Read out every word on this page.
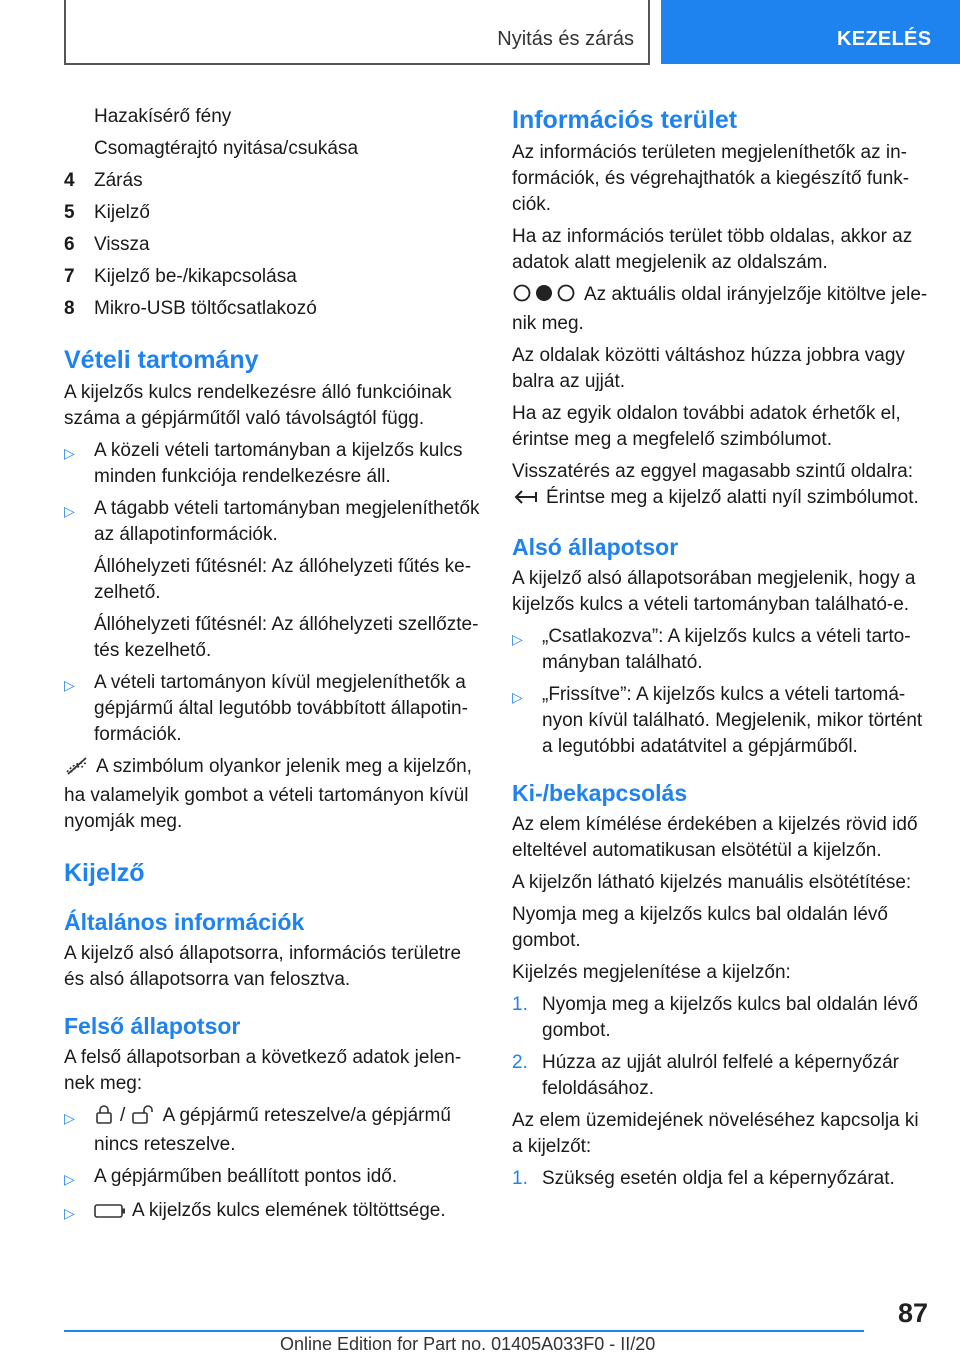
Nyitás és zárás	KEZELÉS
Hazakísérő fény
Csomagtérajtó nyitása/csukása
4	Zárás
5	Kijelző
6	Vissza
7	Kijelző be-/kikapcsolása
8	Mikro-USB töltőcsatlakozó
Vételi tartomány
A kijelzős kulcs rendelkezésre álló funkcióinak száma a gépjárműtől való távolságtól függ.
▷	A közeli vételi tartományban a kijelzős kulcs minden funkciója rendelkezésre áll.
▷	A tágabb vételi tartományban megjeleníthetők az állapotinformációk.
Állóhelyzeti fűtésnél: Az állóhelyzeti fűtés kezelhető.
Állóhelyzeti fűtésnél: Az állóhelyzeti szellőztetés kezelhető.
▷	A vételi tartományon kívül megjeleníthetők a gépjármű által legutóbb továbbított állapotinformációk.
A szimbólum olyankor jelenik meg a kijelzőn, ha valamelyik gombot a vételi tartományon kívül nyomják meg.
Kijelző
Általános információk
A kijelző alsó állapotsorra, információs területre és alsó állapotsorra van felosztva.
Felső állapotsor
A felső állapotsorban a következő adatok jelennek meg:
▷	/ A gépjármű reteszelve/a gépjármű nincs reteszelve.
▷	A gépjárműben beállított pontos idő.
▷	A kijelzős kulcs elemének töltöttsége.
Információs terület
Az információs területen megjeleníthetők az információk, és végrehajthatók a kiegészítő funkciók.
Ha az információs terület több oldalas, akkor az adatok alatt megjelenik az oldalszám.
Az aktuális oldal irányjelzője kitöltve jelenik meg.
Az oldalak közötti váltáshoz húzza jobbra vagy balra az ujját.
Ha az egyik oldalon további adatok érhetők el, érintse meg a megfelelő szimbólumot.
Visszatérés az eggyel magasabb szintű oldalra:
Érintse meg a kijelző alatti nyíl szimbólumot.
Alsó állapotsor
A kijelző alsó állapotsorában megjelenik, hogy a kijelzős kulcs a vételi tartományban található-e.
▷	„Csatlakozva”: A kijelzős kulcs a vételi tartományban található.
▷	„Frissítve”: A kijelzős kulcs a vételi tartományon kívül található. Megjelenik, mikor történt a legutóbbi adatátvitel a gépjárműből.
Ki-/bekapcsolás
Az elem kímélése érdekében a kijelzés rövid idő elteltével automatikusan elsötétül a kijelzőn.
A kijelzőn látható kijelzés manuális elsötétítése:
Nyomja meg a kijelzős kulcs bal oldalán lévő gombot.
Kijelzés megjelenítése a kijelzőn:
1. Nyomja meg a kijelzős kulcs bal oldalán lévő gombot.
2. Húzza az ujját alulról felfelé a képernyőzár feloldásához.
Az elem üzemidejének növeléséhez kapcsolja ki a kijelzőt:
1. Szükség esetén oldja fel a képernyőzárat.
87
Online Edition for Part no. 01405A033F0 - II/20
